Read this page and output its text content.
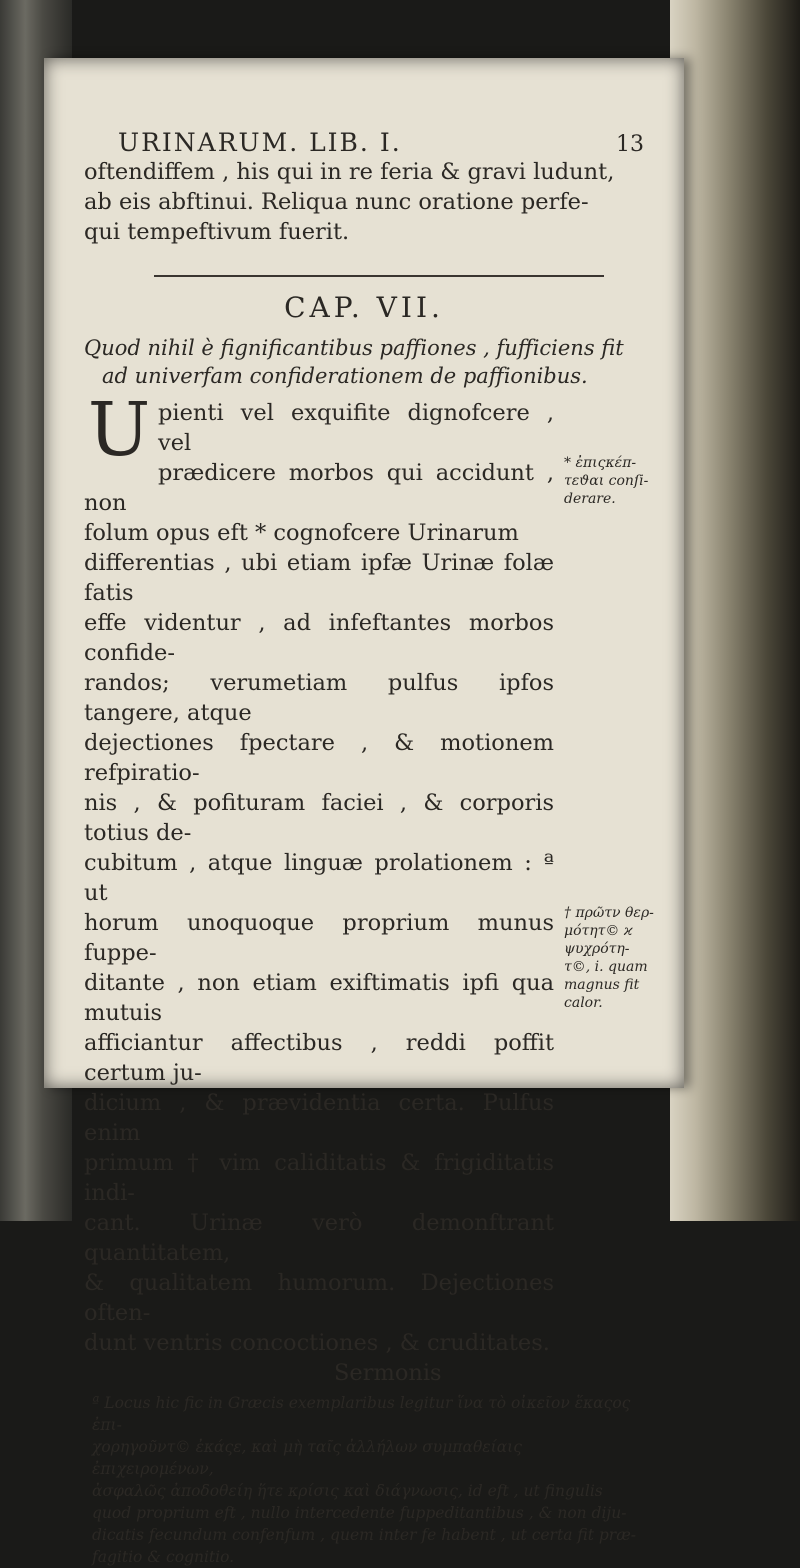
URINARUM. LIB. I.	13

oftendiffem , his qui in re feria & gravi ludunt,

ab eis abftinui. Reliqua nunc oratione perfe-

qui tempeftivum fuerit.

CAP. VII.

Quod nihil è fignificantibus paffiones , fufficiens fit
ad univerfam confiderationem de paffionibus.

U pienti vel exquifite dignofcere , vel

prædicere morbos qui accidunt , non

folum opus eft * cognofcere Urinarum

differentias , ubi etiam ipfæ Urinæ folæ fatis

effe videntur , ad infeftantes morbos confide-

randos; verumetiam pulfus ipfos tangere, atque

dejectiones fpectare , & motionem refpiratio-

nis , & pofituram faciei , & corporis totius de-

cubitum , atque linguæ prolationem : ª ut

horum unoquoque proprium munus fuppe-

ditante , non etiam exiftimatis ipfi qua mutuis

afficiantur affectibus , reddi poffit certum ju-

dicium , & prævidentia certa. Pulfus enim

primum † vim caliditatis & frigiditatis indi-

cant. Urinæ verò demonftrant quantitatem,

& qualitatem humorum. Dejectiones often-

dunt ventris concoctiones , & cruditates.

Sermonis

* ἐπιςκέπ- τεϑαι conſi- derare.
† πρῶτν θερ- μότητ© ϰ ψυχρότη- τ©, i. quam magnus fit calor.

ª Locus hic fic in Græcis exemplaribus legitur ἵνα τὸ οἰκεῖον ἕκαςος ἐπι-

χορηγοῦντ© ἐκάςε, καὶ μὴ ταῖς ἀλλήλων συμπαθείαις ἐπιχειρομένων,

ἀσφαλῶς ἀποδοθείη ἥτε κρίσις καὶ διάγνωσις, id eft , ut fingulis

quod proprium eft , nullo intercedente fuppeditantibus , & non diju-

dicatis fecundum confenfum , quem inter fe habent , ut certa fit præ-

fagitio & cognitio.
